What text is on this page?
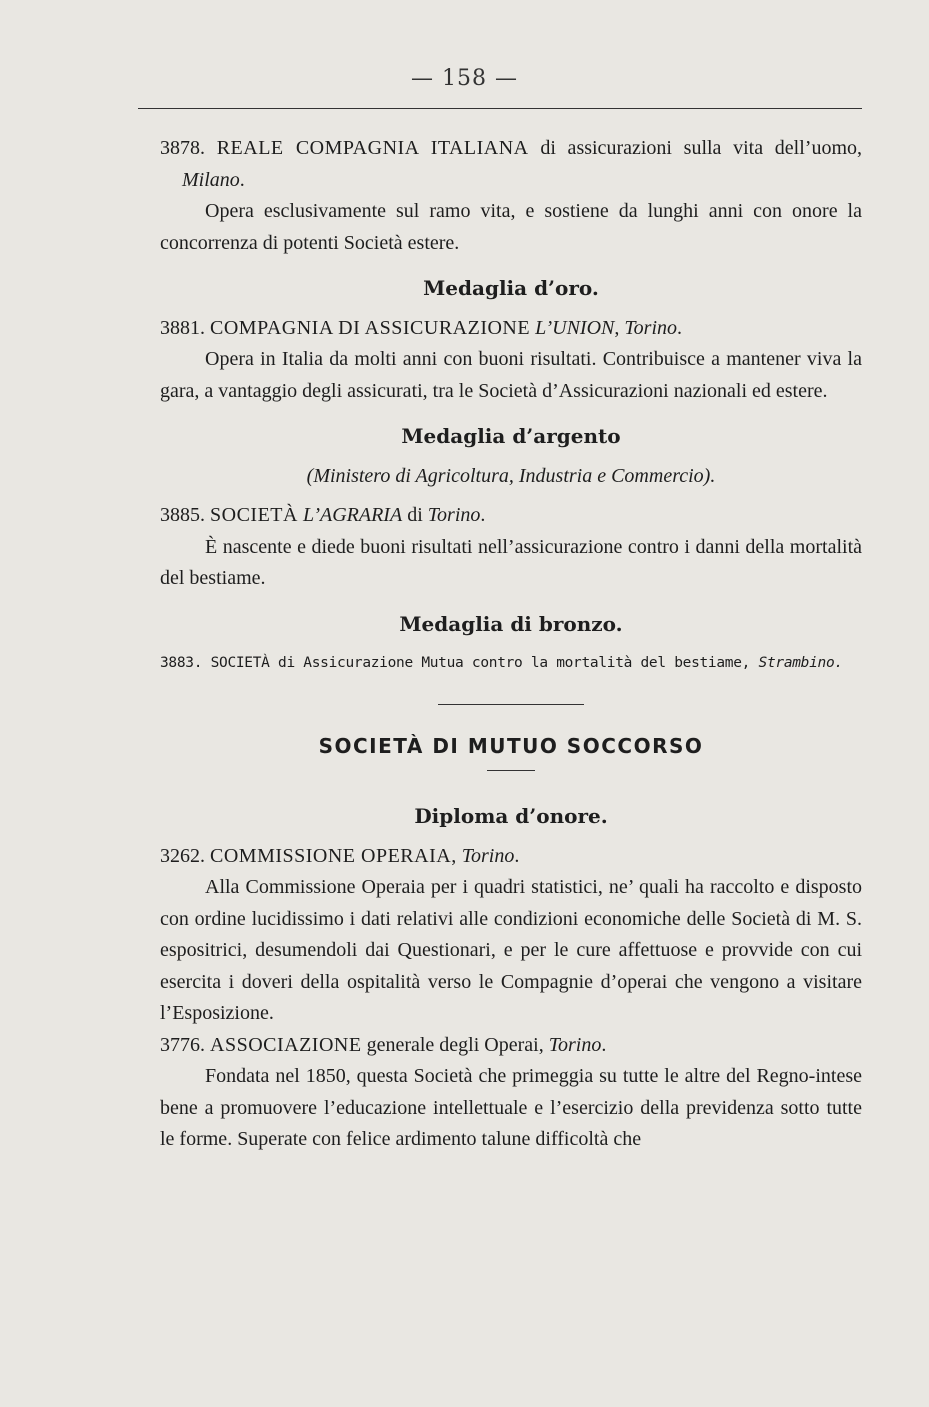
— 158 —

3878. REALE COMPAGNIA ITALIANA di assicurazioni sulla vita dell’uomo, Milano.

Opera esclusivamente sul ramo vita, e sostiene da lunghi anni con onore la concorrenza di potenti Società estere.

Medaglia d’oro.

3881. COMPAGNIA DI ASSICURAZIONE L’UNION, Torino.

Opera in Italia da molti anni con buoni risultati. Contribuisce a mantener viva la gara, a vantaggio degli assicurati, tra le Società d’Assicurazioni nazionali ed estere.

Medaglia d’argento

(Ministero di Agricoltura, Industria e Commercio).

3885. SOCIETÀ L’AGRARIA di Torino.

È nascente e diede buoni risultati nell’assicurazione contro i danni della mortalità del bestiame.

Medaglia di bronzo.

3883. SOCIETÀ di Assicurazione Mutua contro la mortalità del bestiame, Strambino.

SOCIETÀ DI MUTUO SOCCORSO

Diploma d’onore.

3262. COMMISSIONE OPERAIA, Torino.

Alla Commissione Operaia per i quadri statistici, ne’ quali ha raccolto e disposto con ordine lucidissimo i dati relativi alle condizioni economiche delle Società di M. S. espositrici, desumendoli dai Questionari, e per le cure affettuose e provvide con cui esercita i doveri della ospitalità verso le Compagnie d’operai che vengono a visitare l’Esposizione.

3776. ASSOCIAZIONE generale degli Operai, Torino.

Fondata nel 1850, questa Società che primeggia su tutte le altre del Regno-intese bene a promuovere l’educazione intellettuale e l’esercizio della previdenza sotto tutte le forme. Superate con felice ardimento talune difficoltà che
